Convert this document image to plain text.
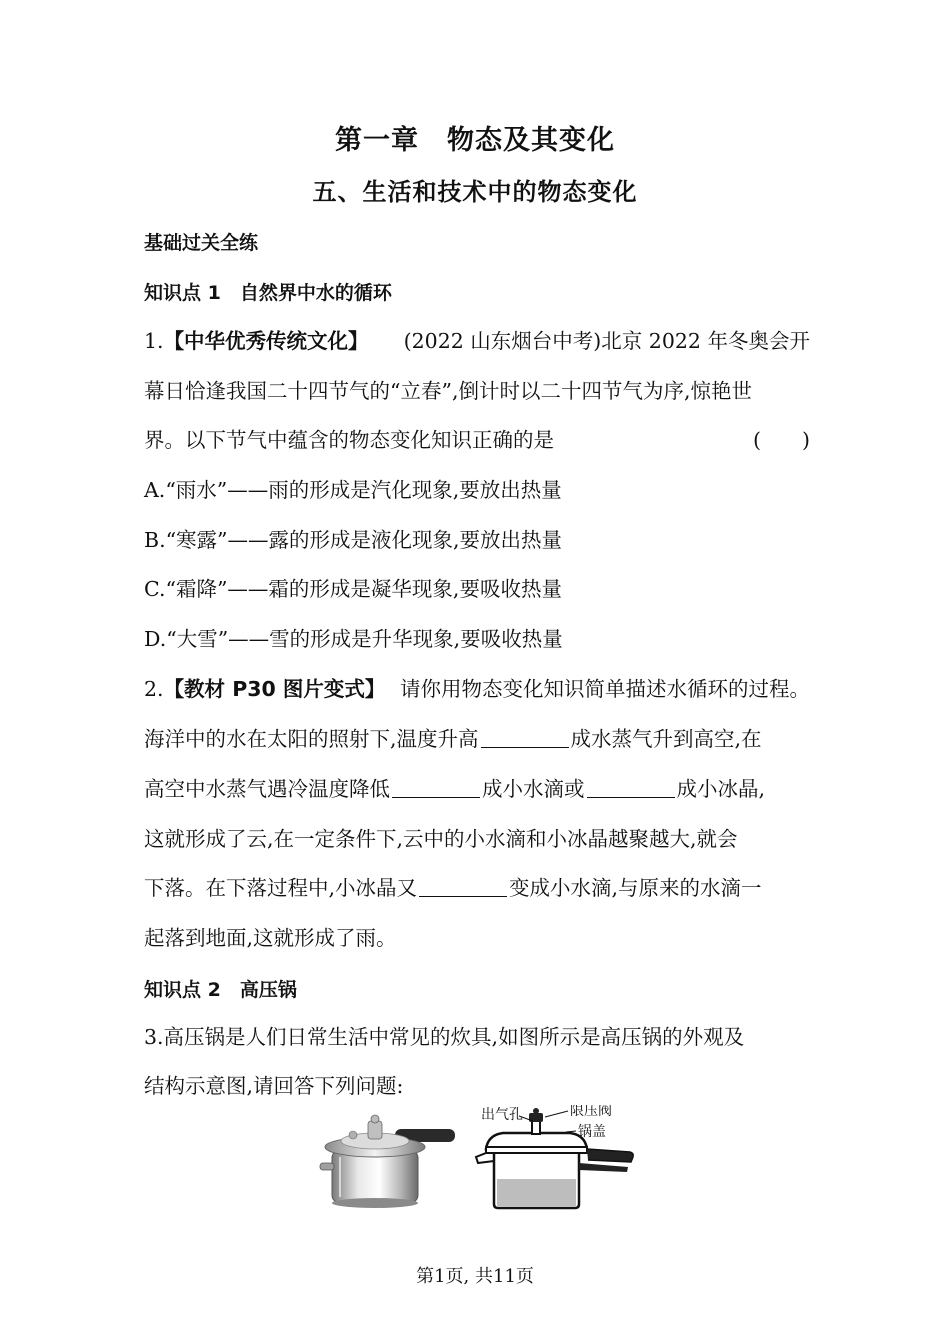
第一章　物态及其变化
五、生活和技术中的物态变化
基础过关全练
知识点 1　自然界中水的循环
1.【中华优秀传统文化】 (2022 山东烟台中考)北京 2022 年冬奥会开
幕日恰逢我国二十四节气的“立春”,倒计时以二十四节气为序,惊艳世
界。以下节气中蕴含的物态变化知识正确的是	(　　)
A.“雨水”——雨的形成是汽化现象,要放出热量
B.“寒露”——露的形成是液化现象,要放出热量
C.“霜降”——霜的形成是凝华现象,要吸收热量
D.“大雪”——雪的形成是升华现象,要吸收热量
2.【教材 P30 图片变式】 请你用物态变化知识简单描述水循环的过程。
海洋中的水在太阳的照射下,温度升高	成水蒸气升到高空,在
高空中水蒸气遇冷温度降低	成小水滴或	成小冰晶,
这就形成了云,在一定条件下,云中的小水滴和小冰晶越聚越大,就会
下落。在下落过程中,小冰晶又	变成小水滴,与原来的水滴一
起落到地面,这就形成了雨。
知识点 2　高压锅
3.高压锅是人们日常生活中常见的炊具,如图所示是高压锅的外观及
结构示意图,请回答下列问题:
出气孔	限压阀
锅盖
第1页, 共11页
